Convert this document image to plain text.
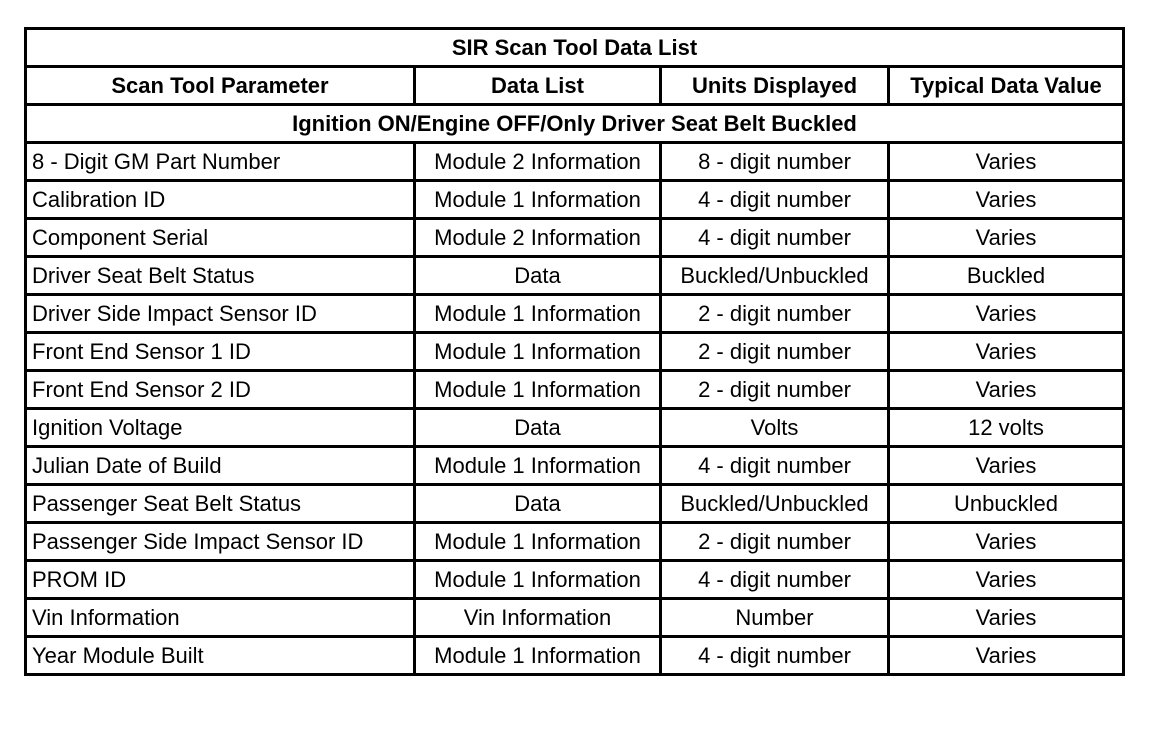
SIR Scan Tool Data List			
Scan Tool Parameter	Data List	Units Displayed	Typical Data Value
Ignition ON/Engine OFF/Only Driver Seat Belt Buckled			
8 - Digit GM Part Number	Module 2 Information	8 - digit number	Varies
Calibration ID	Module 1 Information	4 - digit number	Varies
Component Serial	Module 2 Information	4 - digit number	Varies
Driver Seat Belt Status	Data	Buckled/Unbuckled	Buckled
Driver Side Impact Sensor ID	Module 1 Information	2 - digit number	Varies
Front End Sensor 1 ID	Module 1 Information	2 - digit number	Varies
Front End Sensor 2 ID	Module 1 Information	2 - digit number	Varies
Ignition Voltage	Data	Volts	12 volts
Julian Date of Build	Module 1 Information	4 - digit number	Varies
Passenger Seat Belt Status	Data	Buckled/Unbuckled	Unbuckled
Passenger Side Impact Sensor ID	Module 1 Information	2 - digit number	Varies
PROM ID	Module 1 Information	4 - digit number	Varies
Vin Information	Vin Information	Number	Varies
Year Module Built	Module 1 Information	4 - digit number	Varies
